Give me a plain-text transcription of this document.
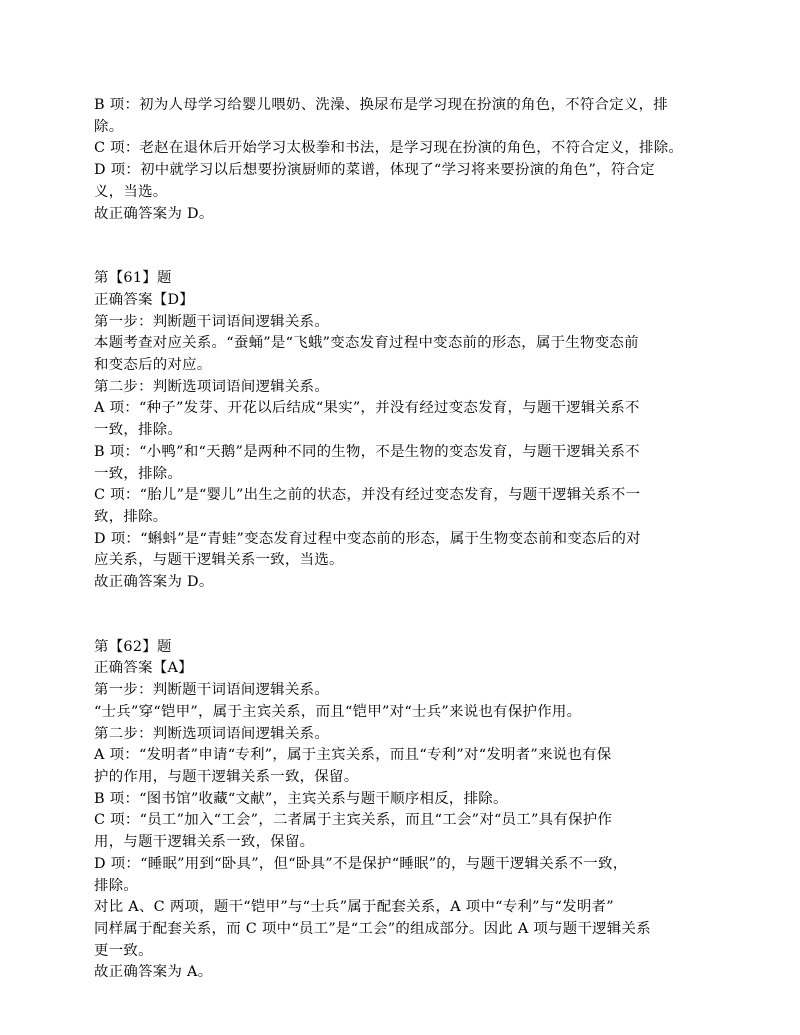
B 项：初为人母学习给婴儿喂奶、洗澡、换尿布是学习现在扮演的角色，不符合定义，排
除。
C 项：老赵在退休后开始学习太极拳和书法，是学习现在扮演的角色，不符合定义，排除。
D 项：初中就学习以后想要扮演厨师的菜谱，体现了“学习将来要扮演的角色”，符合定
义，当选。
故正确答案为 D。
第【61】题
正确答案【D】
第一步：判断题干词语间逻辑关系。
本题考查对应关系。“蚕蛹”是“飞蛾”变态发育过程中变态前的形态，属于生物变态前
和变态后的对应。
第二步：判断选项词语间逻辑关系。
A 项：“种子”发芽、开花以后结成“果实”，并没有经过变态发育，与题干逻辑关系不
一致，排除。
B 项：“小鸭”和“天鹅”是两种不同的生物，不是生物的变态发育，与题干逻辑关系不
一致，排除。
C 项：“胎儿”是“婴儿”出生之前的状态，并没有经过变态发育，与题干逻辑关系不一
致，排除。
D 项：“蝌蚪”是“青蛙”变态发育过程中变态前的形态，属于生物变态前和变态后的对
应关系，与题干逻辑关系一致，当选。
故正确答案为 D。
第【62】题
正确答案【A】
第一步：判断题干词语间逻辑关系。
“士兵”穿“铠甲”，属于主宾关系，而且“铠甲”对“士兵”来说也有保护作用。
第二步：判断选项词语间逻辑关系。
A 项：“发明者”申请“专利”，属于主宾关系，而且“专利”对“发明者”来说也有保
护的作用，与题干逻辑关系一致，保留。
B 项：“图书馆”收藏“文献”，主宾关系与题干顺序相反，排除。
C 项：“员工”加入“工会”，二者属于主宾关系，而且“工会”对“员工”具有保护作
用，与题干逻辑关系一致，保留。
D 项：“睡眠”用到“卧具”，但“卧具”不是保护“睡眠”的，与题干逻辑关系不一致，
排除。
对比 A、C 两项，题干“铠甲”与“士兵”属于配套关系，A 项中“专利”与“发明者”
同样属于配套关系，而 C 项中“员工”是“工会”的组成部分。因此 A 项与题干逻辑关系
更一致。
故正确答案为 A。
